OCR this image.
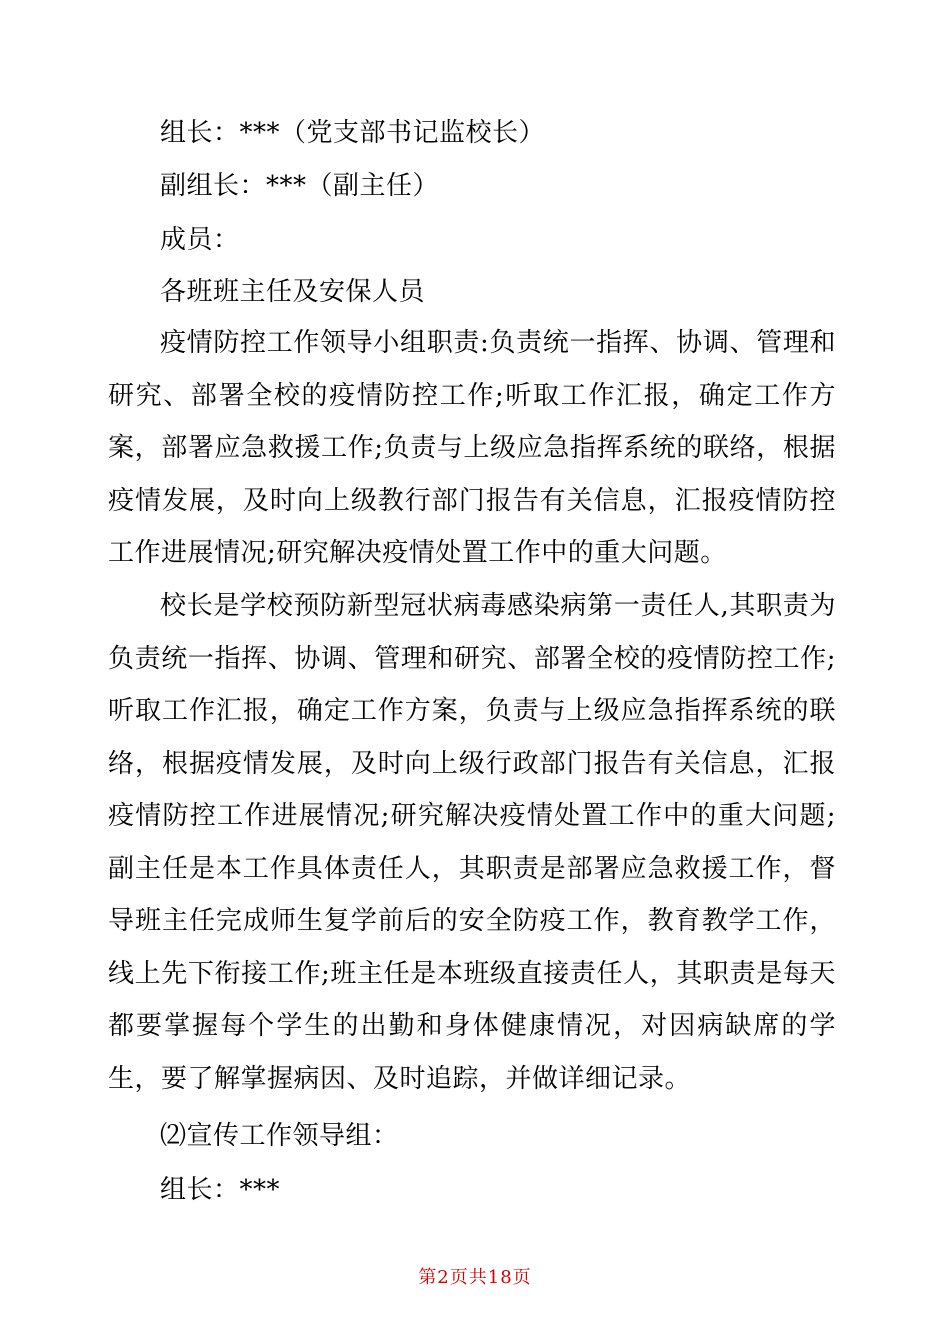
组长：***（党支部书记监校长）
副组长：***（副主任）
成员：
各班班主任及安保人员

疫情防控工作领导小组职责:负责统一指挥、协调、管理和研究、部署全校的疫情防控工作;听取工作汇报，确定工作方案，部署应急救援工作;负责与上级应急指挥系统的联络，根据疫情发展，及时向上级教行部门报告有关信息，汇报疫情防控工作进展情况;研究解决疫情处置工作中的重大问题。

校长是学校预防新型冠状病毒感染病第一责任人,其职责为负责统一指挥、协调、管理和研究、部署全校的疫情防控工作;听取工作汇报，确定工作方案，负责与上级应急指挥系统的联络，根据疫情发展，及时向上级行政部门报告有关信息，汇报疫情防控工作进展情况;研究解决疫情处置工作中的重大问题;副主任是本工作具体责任人，其职责是部署应急救援工作，督导班主任完成师生复学前后的安全防疫工作，教育教学工作，线上先下衔接工作;班主任是本班级直接责任人，其职责是每天都要掌握每个学生的出勤和身体健康情况，对因病缺席的学生，要了解掌握病因、及时追踪，并做详细记录。

⑵宣传工作领导组：
组长：***
第2页共18页
